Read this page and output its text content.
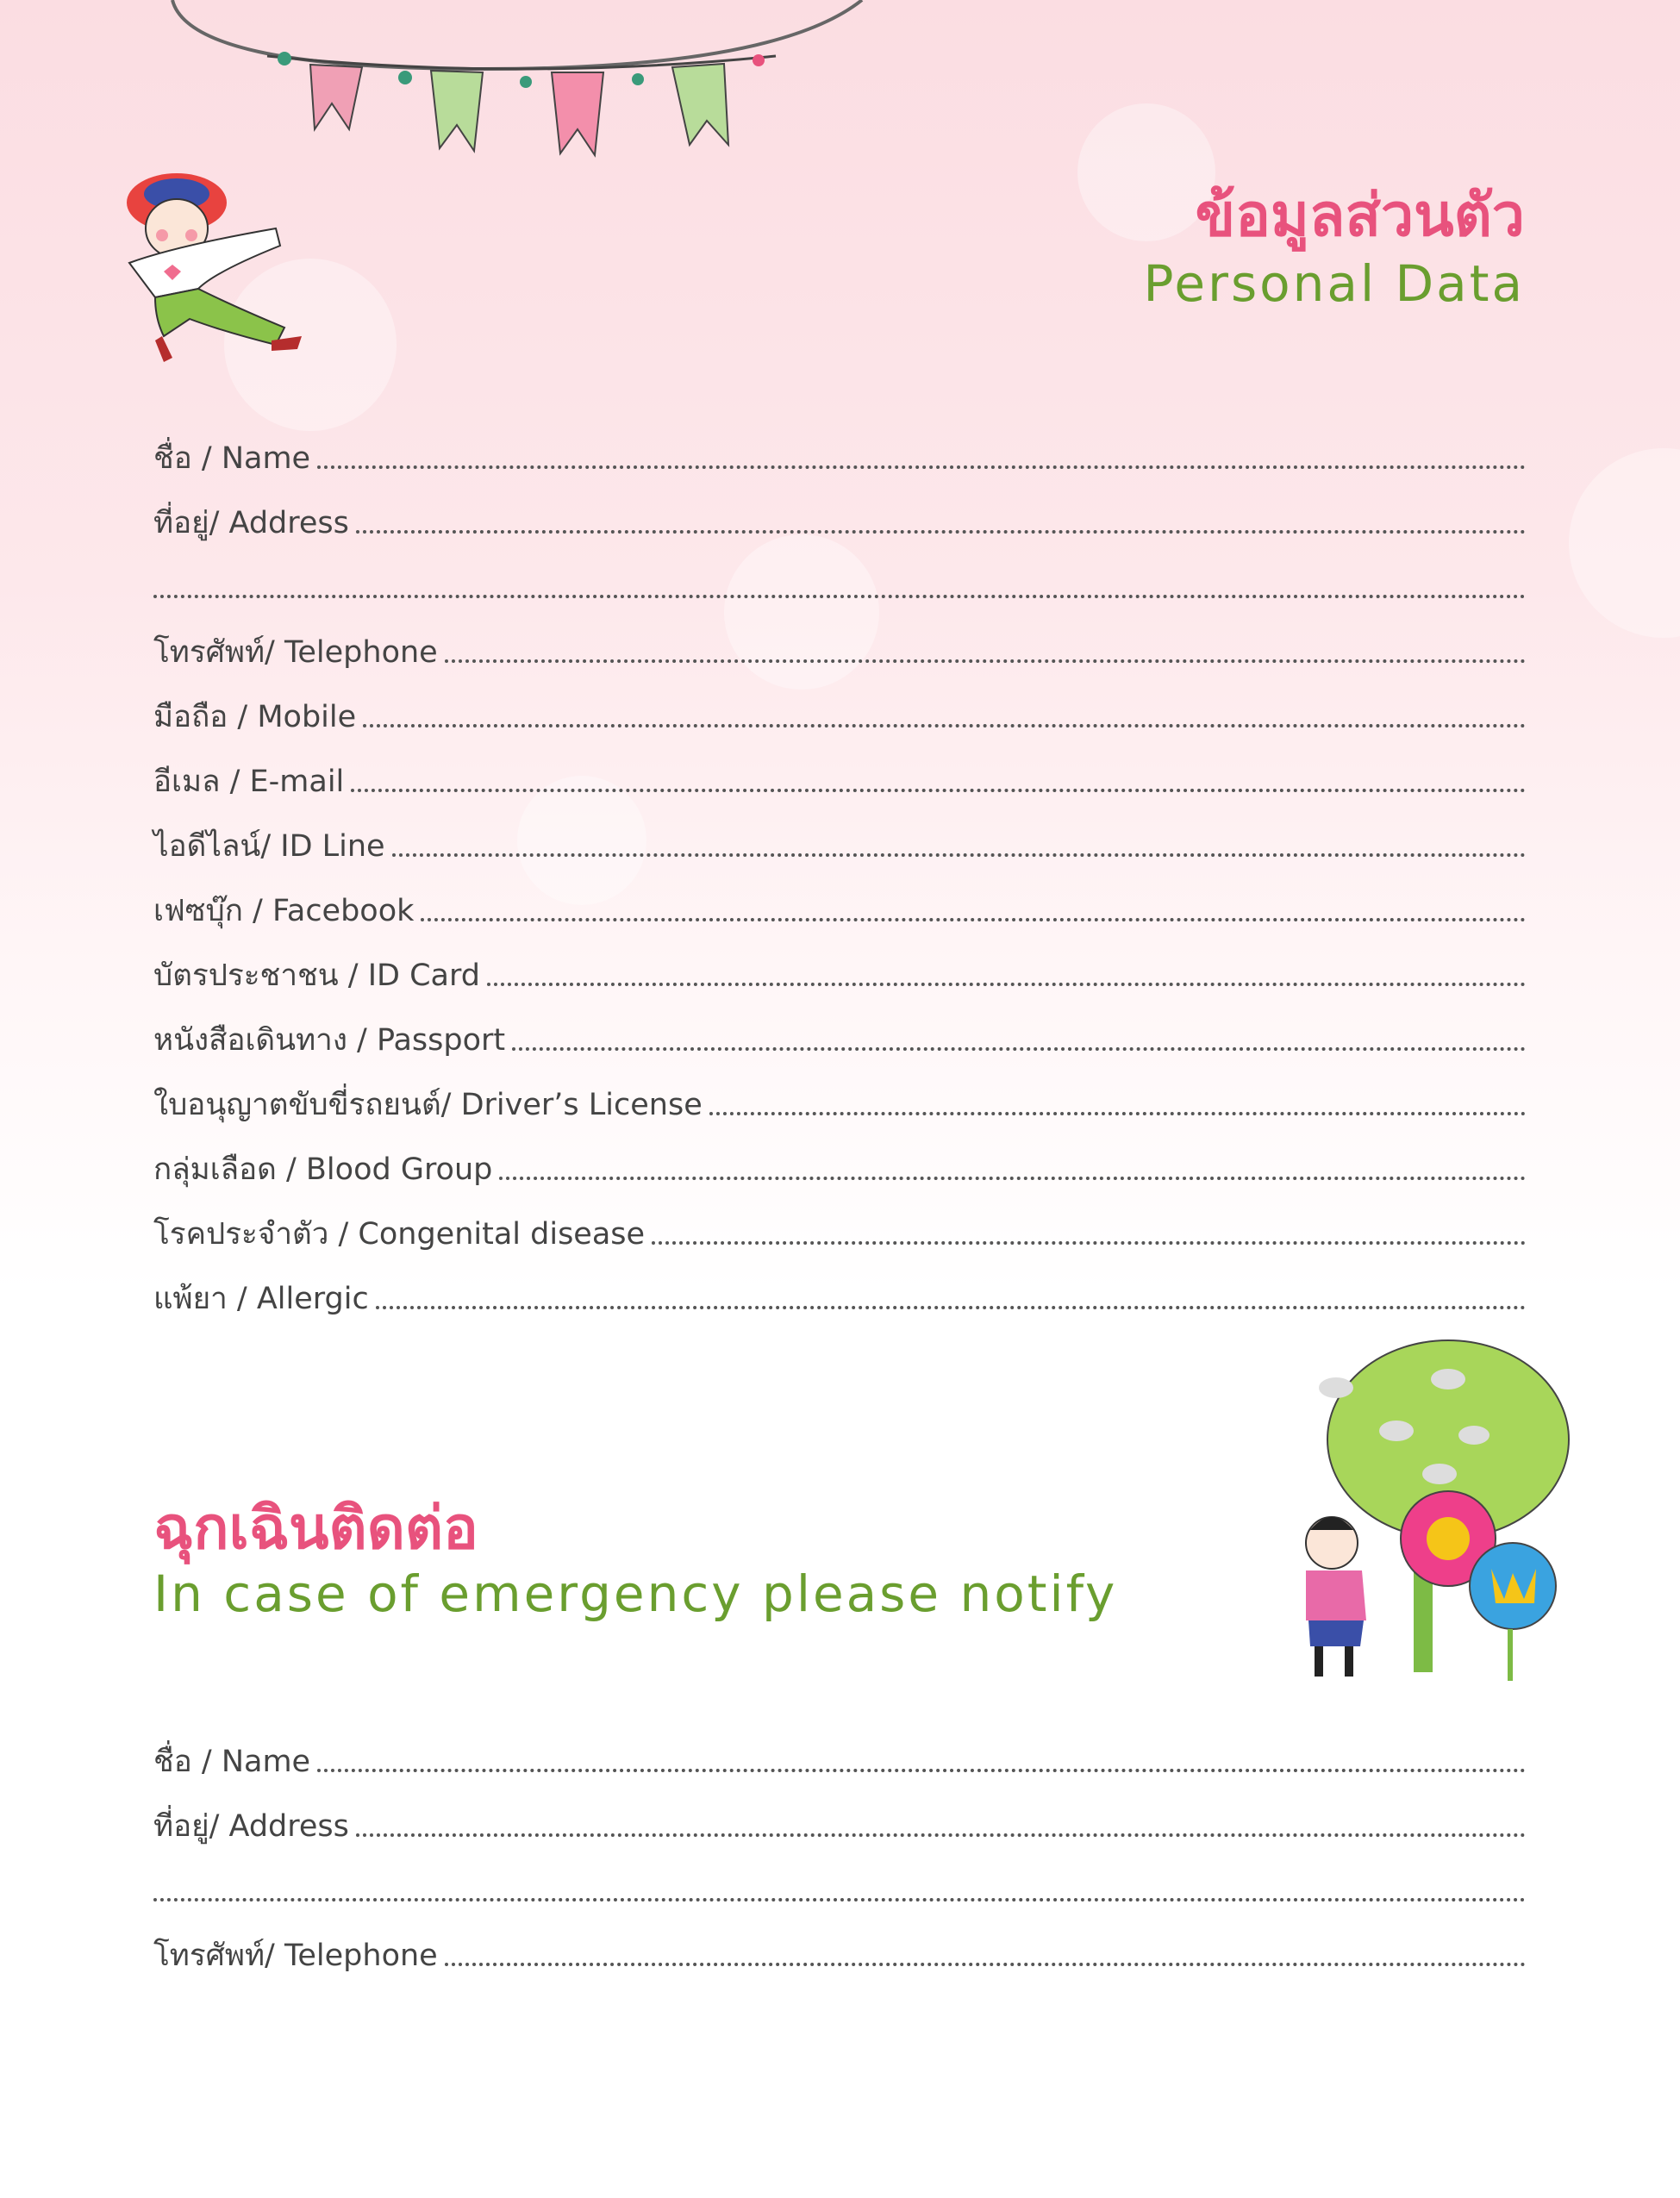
ข้อมูลส่วนตัว
Personal Data
ชื่อ / Name
ที่อยู่/ Address
โทรศัพท์/ Telephone
มือถือ / Mobile
อีเมล / E-mail
ไอดีไลน์/ ID Line
เฟซบุ๊ก / Facebook
บัตรประชาชน / ID Card
หนังสือเดินทาง / Passport
ใบอนุญาตขับขี่รถยนต์/ Driver’s License
กลุ่มเลือด / Blood Group
โรคประจำตัว / Congenital disease
แพ้ยา / Allergic
ฉุกเฉินติดต่อ
In case of emergency please notify
ชื่อ / Name
ที่อยู่/ Address
โทรศัพท์/ Telephone
